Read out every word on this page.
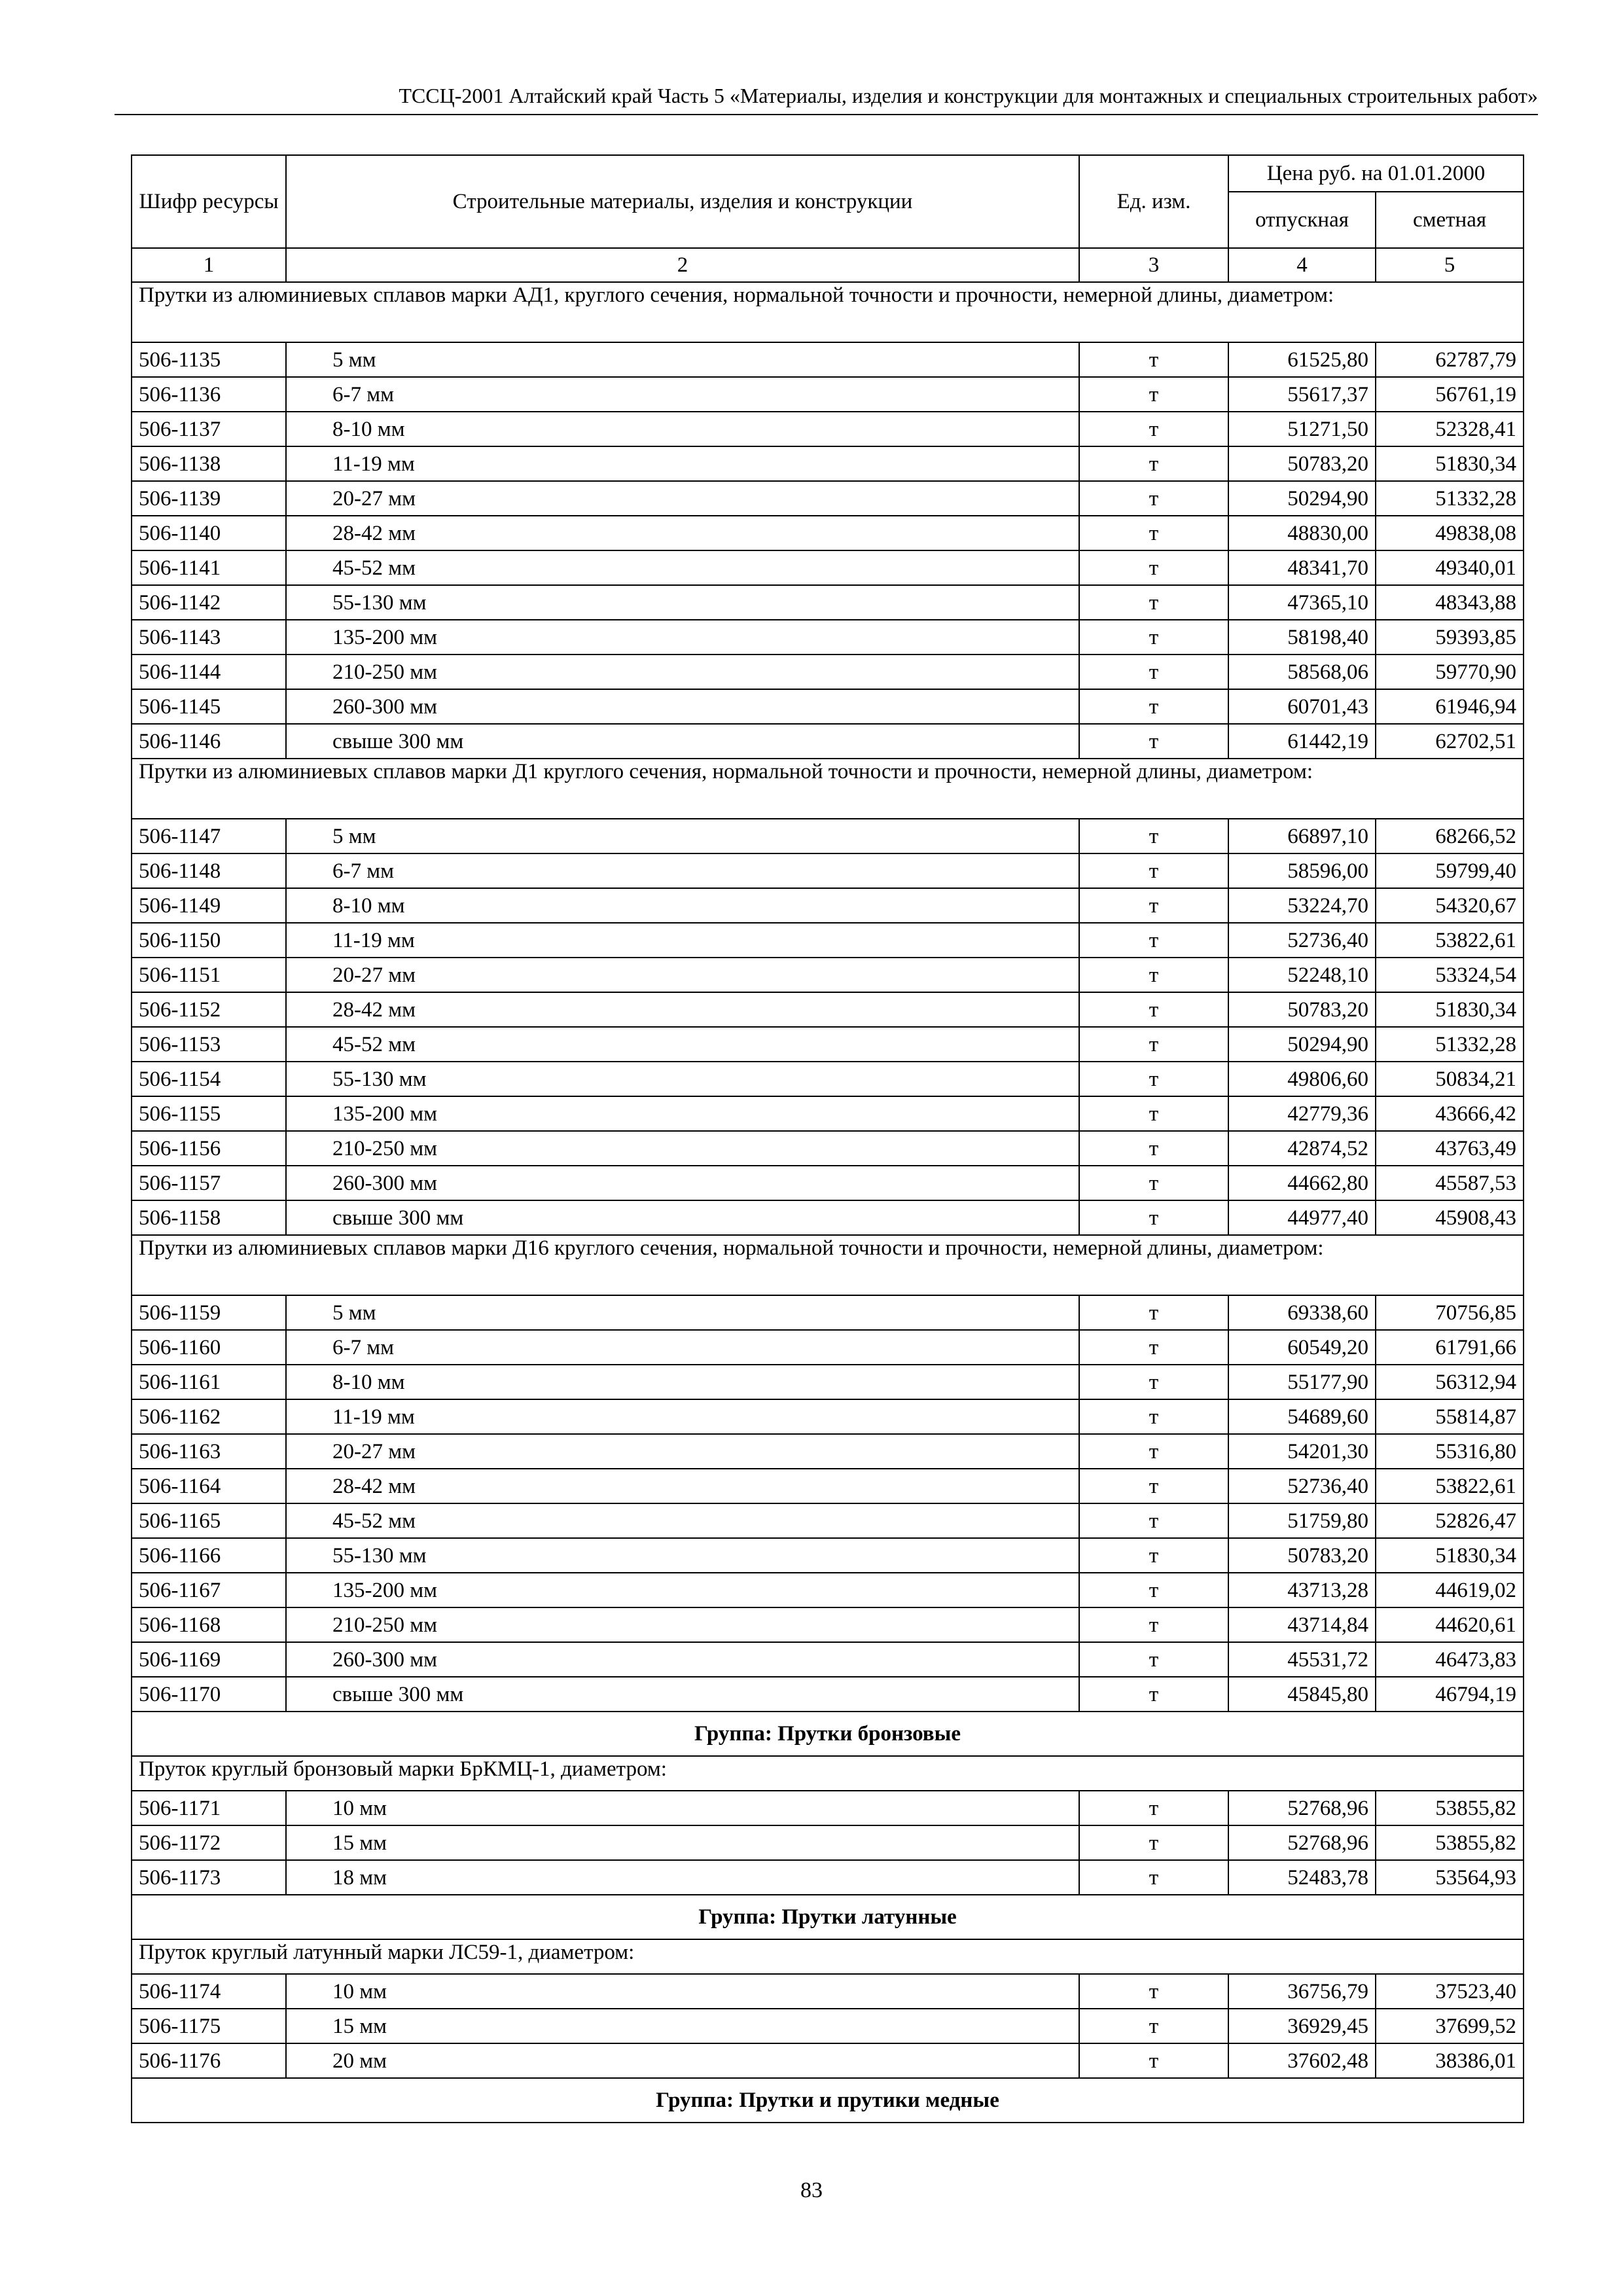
ТССЦ-2001 Алтайский край Часть 5 «Материалы, изделия и конструкции для монтажных и специальных строительных работ»
Шифр ресурсы	Строительные материалы, изделия и конструкции	Ед. изм.	Цена руб. на 01.01.2000	
			отпускная	сметная
1	2	3	4	5
Прутки из алюминиевых сплавов марки АД1, круглого сечения, нормальной точности и прочности, немерной длины, диаметром:				
506-1135	5 мм	т	61525,80	62787,79
506-1136	6-7 мм	т	55617,37	56761,19
506-1137	8-10 мм	т	51271,50	52328,41
506-1138	11-19 мм	т	50783,20	51830,34
506-1139	20-27 мм	т	50294,90	51332,28
506-1140	28-42 мм	т	48830,00	49838,08
506-1141	45-52 мм	т	48341,70	49340,01
506-1142	55-130 мм	т	47365,10	48343,88
506-1143	135-200 мм	т	58198,40	59393,85
506-1144	210-250 мм	т	58568,06	59770,90
506-1145	260-300 мм	т	60701,43	61946,94
506-1146	свыше 300 мм	т	61442,19	62702,51
Прутки из алюминиевых сплавов марки Д1 круглого сечения, нормальной точности и прочности, немерной длины, диаметром:				
506-1147	5 мм	т	66897,10	68266,52
506-1148	6-7 мм	т	58596,00	59799,40
506-1149	8-10 мм	т	53224,70	54320,67
506-1150	11-19 мм	т	52736,40	53822,61
506-1151	20-27 мм	т	52248,10	53324,54
506-1152	28-42 мм	т	50783,20	51830,34
506-1153	45-52 мм	т	50294,90	51332,28
506-1154	55-130 мм	т	49806,60	50834,21
506-1155	135-200 мм	т	42779,36	43666,42
506-1156	210-250 мм	т	42874,52	43763,49
506-1157	260-300 мм	т	44662,80	45587,53
506-1158	свыше 300 мм	т	44977,40	45908,43
Прутки из алюминиевых сплавов марки Д16 круглого сечения, нормальной точности и прочности, немерной длины, диаметром:				
506-1159	5 мм	т	69338,60	70756,85
506-1160	6-7 мм	т	60549,20	61791,66
506-1161	8-10 мм	т	55177,90	56312,94
506-1162	11-19 мм	т	54689,60	55814,87
506-1163	20-27 мм	т	54201,30	55316,80
506-1164	28-42 мм	т	52736,40	53822,61
506-1165	45-52 мм	т	51759,80	52826,47
506-1166	55-130 мм	т	50783,20	51830,34
506-1167	135-200 мм	т	43713,28	44619,02
506-1168	210-250 мм	т	43714,84	44620,61
506-1169	260-300 мм	т	45531,72	46473,83
506-1170	свыше 300 мм	т	45845,80	46794,19
Группа: Прутки бронзовые				
Пруток круглый бронзовый марки БрКМЦ-1, диаметром:				
506-1171	10 мм	т	52768,96	53855,82
506-1172	15 мм	т	52768,96	53855,82
506-1173	18 мм	т	52483,78	53564,93
Группа: Прутки латунные				
Пруток круглый латунный марки ЛС59-1, диаметром:				
506-1174	10 мм	т	36756,79	37523,40
506-1175	15 мм	т	36929,45	37699,52
506-1176	20 мм	т	37602,48	38386,01
Группа: Прутки и прутики медные				
83
